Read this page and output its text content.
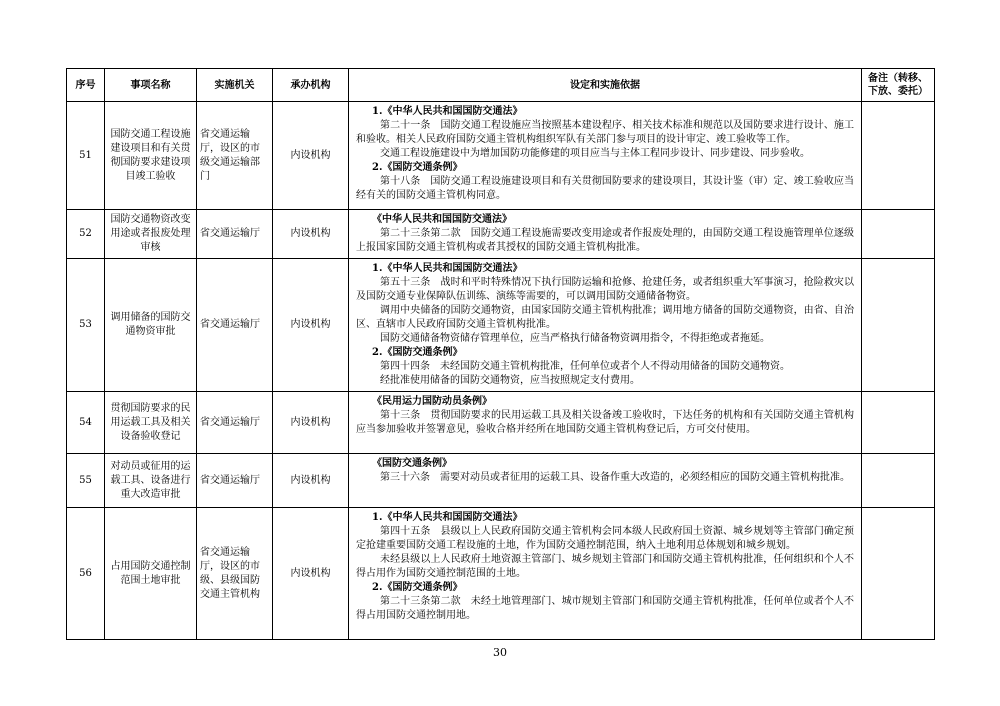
序号	事项名称	实施机关	承办机构	设定和实施依据	备注（转移、下放、委托）
51	国防交通工程设施建设项目和有关贯彻国防要求建设项目竣工验收	省交通运输厅，设区的市级交通运输部门	内设机构	1.《中华人民共和国国防交通法》

第二十一条　国防交通工程设施应当按照基本建设程序、相关技术标准和规范以及国防要求进行设计、施工和验收。相关人民政府国防交通主管机构组织军队有关部门参与项目的设计审定、竣工验收等工作。

交通工程设施建设中为增加国防功能修建的项目应当与主体工程同步设计、同步建设、同步验收。

2.《国防交通条例》

第十八条　国防交通工程设施建设项目和有关贯彻国防要求的建设项目，其设计鉴（审）定、竣工验收应当经有关的国防交通主管机构同意。	

52	国防交通物资改变用途或者报废处理审核	省交通运输厅	内设机构	《中华人民共和国国防交通法》

第二十三条第二款　国防交通工程设施需要改变用途或者作报废处理的，由国防交通工程设施管理单位逐级上报国家国防交通主管机构或者其授权的国防交通主管机构批准。	

53	调用储备的国防交通物资审批	省交通运输厅	内设机构	

1.《中华人民共和国国防交通法》

第五十三条　战时和平时特殊情况下执行国防运输和抢修、抢建任务，或者组织重大军事演习，抢险救灾以及国防交通专业保障队伍训练、演练等需要的，可以调用国防交通储备物资。

调用中央储备的国防交通物资，由国家国防交通主管机构批准；调用地方储备的国防交通物资，由省、自治区、直辖市人民政府国防交通主管机构批准。

国防交通储备物资储存管理单位，应当严格执行储备物资调用指令，不得拒绝或者拖延。

2.《国防交通条例》

第四十四条　未经国防交通主管机构批准，任何单位或者个人不得动用储备的国防交通物资。

经批准使用储备的国防交通物资，应当按照规定支付费用。

54	贯彻国防要求的民用运载工具及相关设备验收登记	省交通运输厅	内设机构	《民用运力国防动员条例》

第十三条　贯彻国防要求的民用运载工具及相关设备竣工验收时，下达任务的机构和有关国防交通主管机构应当参加验收并签署意见，验收合格并经所在地国防交通主管机构登记后，方可交付使用。	

55	对动员或征用的运载工具、设备进行重大改造审批	省交通运输厅	内设机构	《国防交通条例》

第三十六条　需要对动员或者征用的运载工具、设备作重大改造的，必须经相应的国防交通主管机构批准。	

56	占用国防交通控制范围土地审批	省交通运输厅，设区的市级、县级国防交通主管机构	内设机构	1.《中华人民共和国国防交通法》

第四十五条　县级以上人民政府国防交通主管机构会同本级人民政府国土资源、城乡规划等主管部门确定预定抢建重要国防交通工程设施的土地，作为国防交通控制范围，纳入土地利用总体规划和城乡规划。

未经县级以上人民政府土地资源主管部门、城乡规划主管部门和国防交通主管机构批准，任何组织和个人不得占用作为国防交通控制范围的土地。

2.《国防交通条例》

第二十三条第二款　未经土地管理部门、城市规划主管部门和国防交通主管机构批准，任何单位或者个人不得占用国防交通控制用地。	

30
